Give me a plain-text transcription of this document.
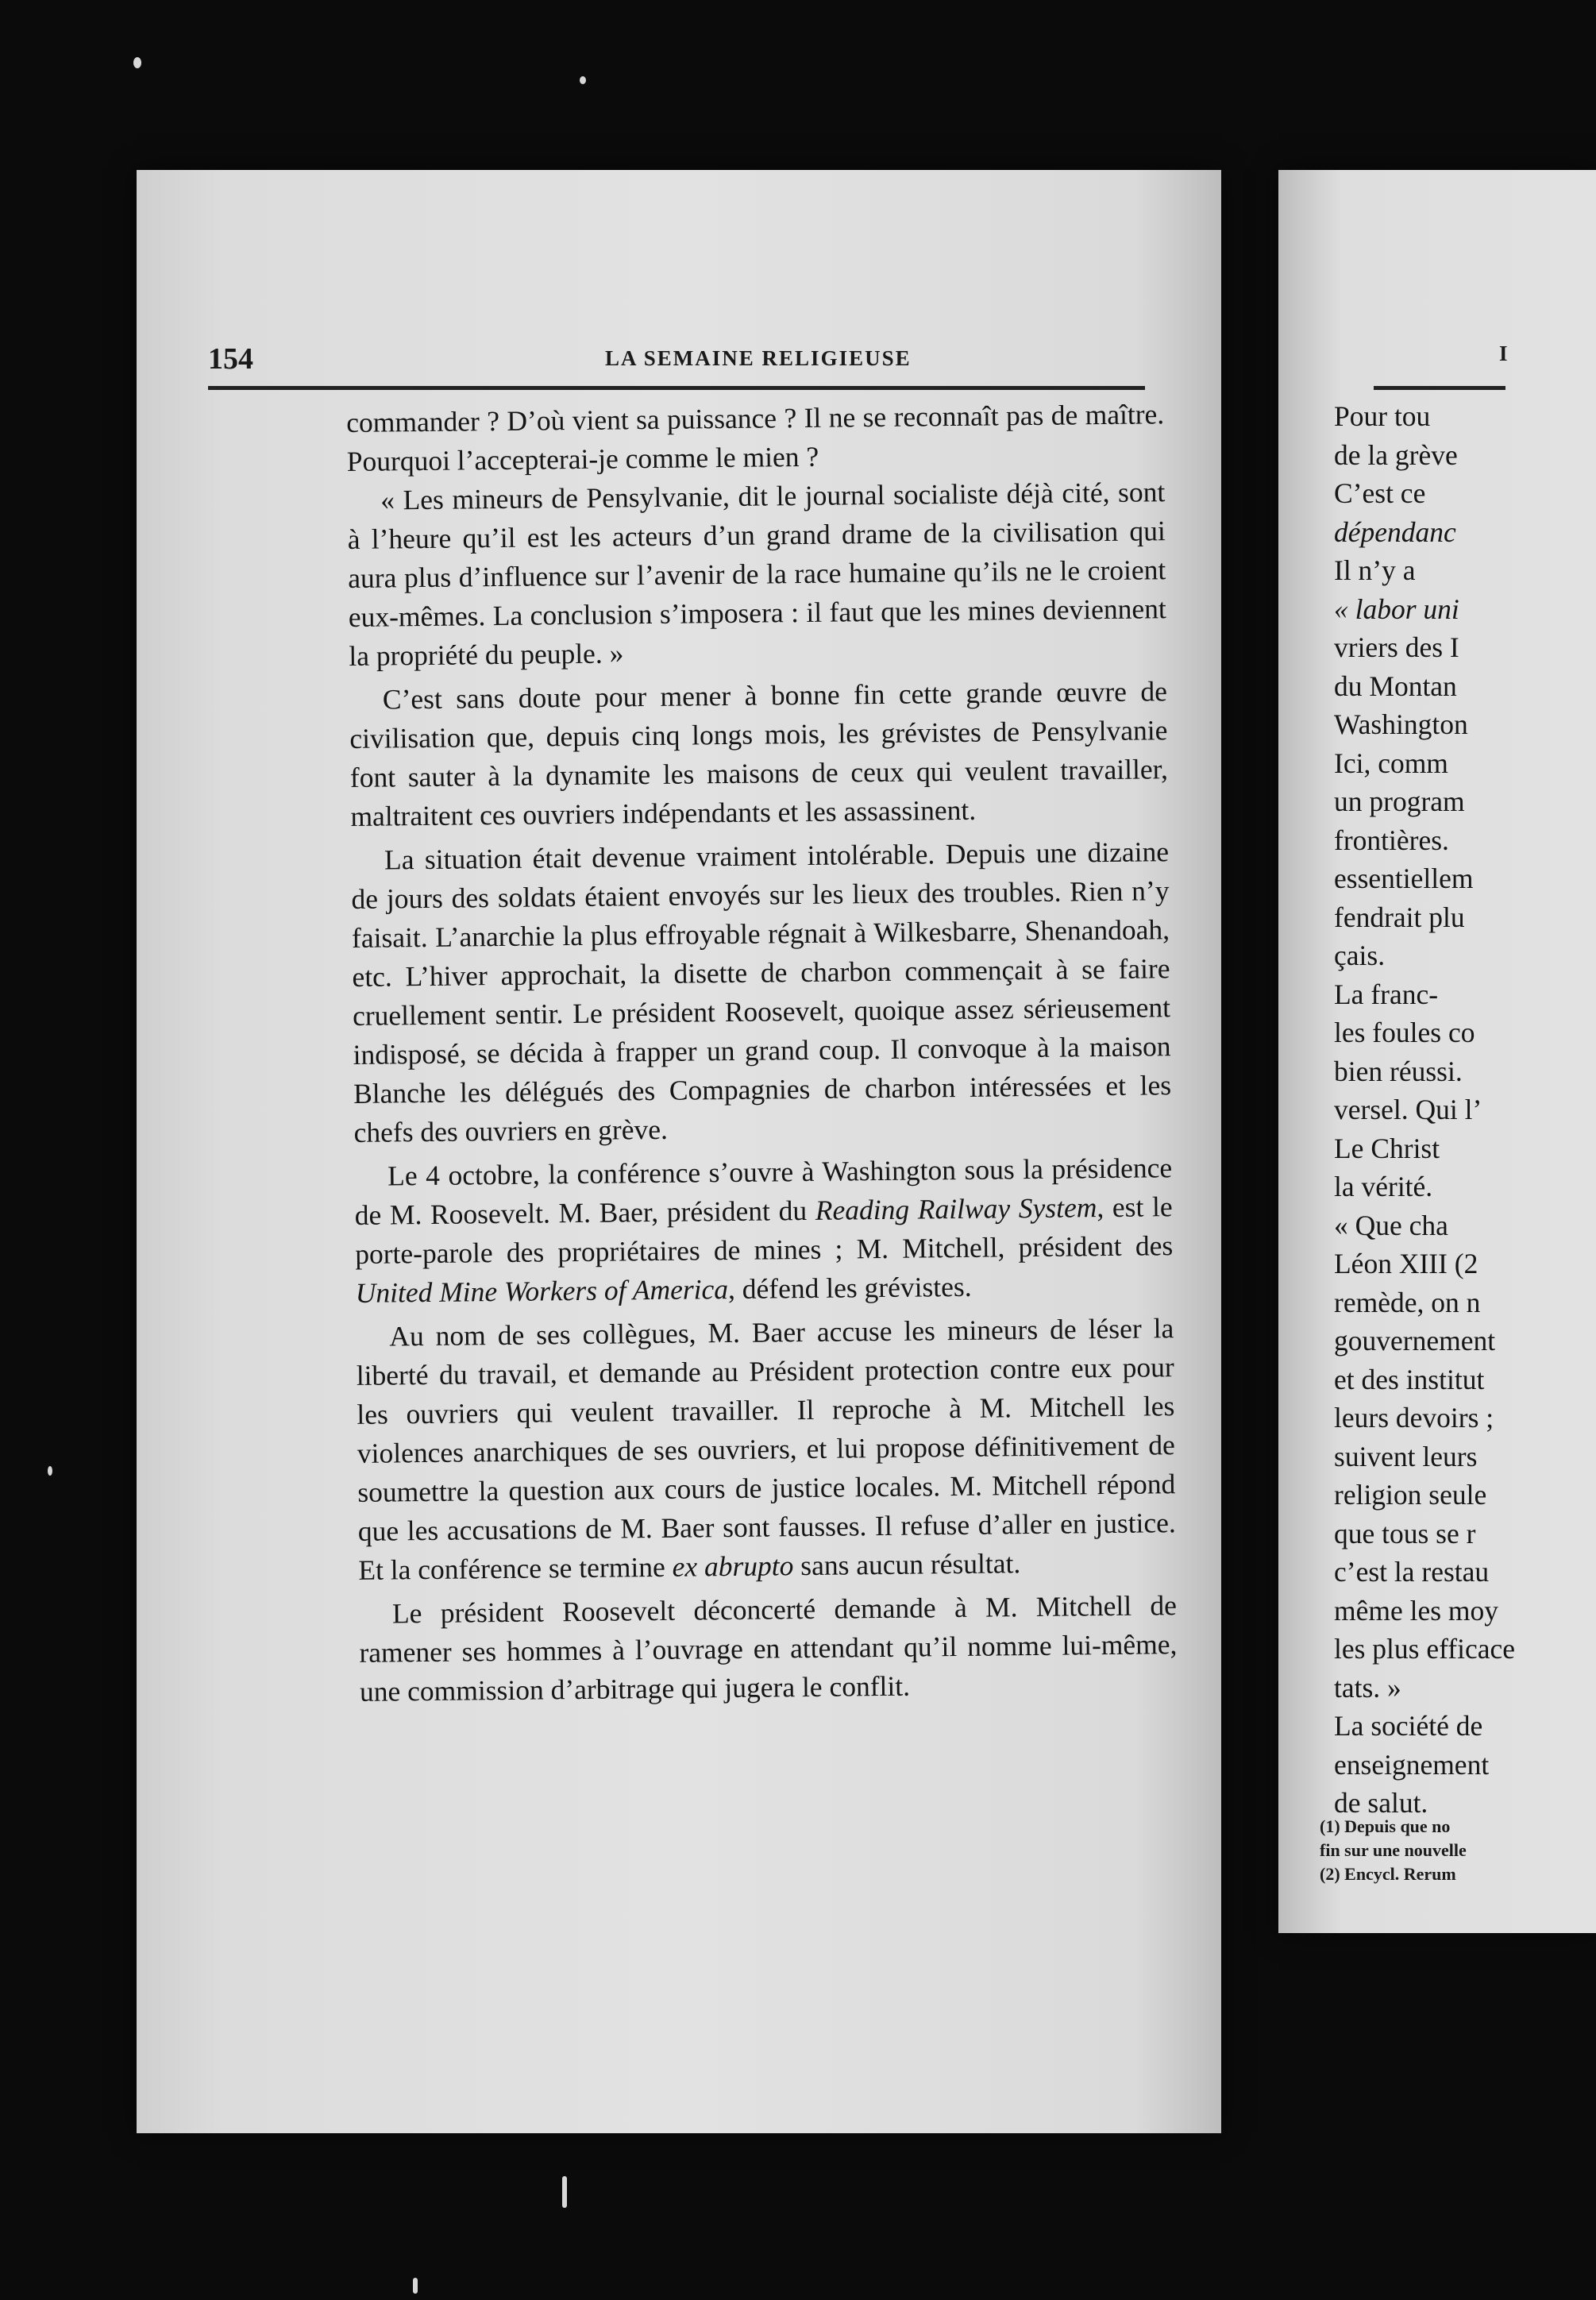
154	LA SEMAINE RELIGIEUSE

commander ? D’où vient sa puissance ? Il ne se reconnaît pas de maître. Pourquoi l’accepterai-je comme le mien ?

« Les mineurs de Pensylvanie, dit le journal socialiste déjà cité, sont à l’heure qu’il est les acteurs d’un grand drame de la civilisation qui aura plus d’influence sur l’avenir de la race humaine qu’ils ne le croient eux-mêmes. La conclusion s’imposera : il faut que les mines deviennent la propriété du peuple. »

C’est sans doute pour mener à bonne fin cette grande œuvre de civilisation que, depuis cinq longs mois, les grévistes de Pensylvanie font sauter à la dynamite les maisons de ceux qui veulent travailler, maltraitent ces ouvriers indépendants et les assassinent.

La situation était devenue vraiment intolérable. Depuis une dizaine de jours des soldats étaient envoyés sur les lieux des troubles. Rien n’y faisait. L’anarchie la plus effroyable régnait à Wilkesbarre, Shenandoah, etc. L’hiver approchait, la disette de charbon commençait à se faire cruellement sentir. Le président Roosevelt, quoique assez sérieusement indisposé, se décida à frapper un grand coup. Il convoque à la maison Blanche les délégués des Compagnies de charbon intéressées et les chefs des ouvriers en grève.

Le 4 octobre, la conférence s’ouvre à Washington sous la présidence de M. Roosevelt. M. Baer, président du Reading Railway System, est le porte-parole des propriétaires de mines ; M. Mitchell, président des United Mine Workers of America, défend les grévistes.

Au nom de ses collègues, M. Baer accuse les mineurs de léser la liberté du travail, et demande au Président protection contre eux pour les ouvriers qui veulent travailler. Il reproche à M. Mitchell les violences anarchiques de ses ouvriers, et lui propose définitivement de soumettre la question aux cours de justice locales. M. Mitchell répond que les accusations de M. Baer sont fausses. Il refuse d’aller en justice. Et la conférence se termine ex abrupto sans aucun résultat.

Le président Roosevelt déconcerté demande à M. Mitchell de ramener ses hommes à l’ouvrage en attendant qu’il nomme lui-même, une commission d’arbitrage qui jugera le conflit.

I
Pour tou
de la grève
C’est ce
dépendanc
Il n’y a
« labor uni
vriers des I
du Montan
Washington
Ici, comm
un program
frontières.
essentiellem
fendrait plu
çais.
La franc-
les foules co
bien réussi.
versel. Qui l’
Le Christ
la vérité.
« Que cha
Léon XIII (2
remède, on n
gouvernement
et des institut
leurs devoirs ;
suivent leurs
religion seule
que tous se r
c’est la restau
même les moy
les plus efficace
tats. »
La société de
enseignement
de salut.
(1) Depuis que no
fin sur une nouvelle
(2) Encycl. Rerum
